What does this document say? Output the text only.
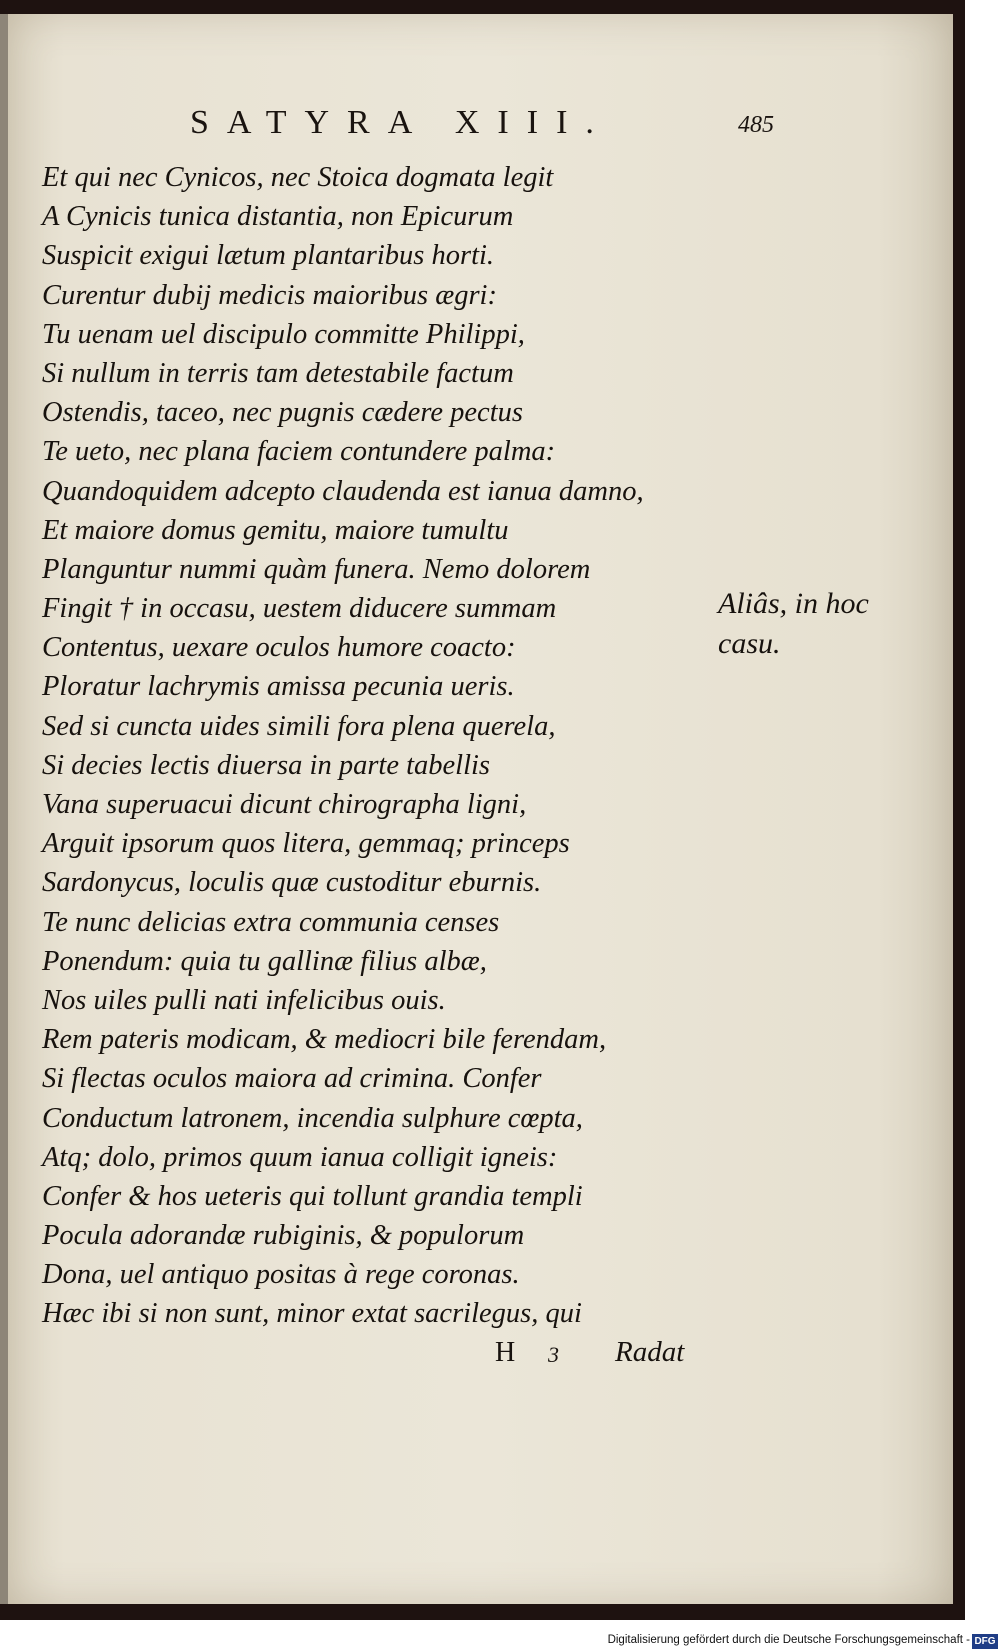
SATYRA XIII.	485
Et qui nec Cynicos, nec Stoica dogmata legit
A Cynicis tunica distantia, non Epicurum
Suspicit exigui lætum plantaribus horti.
Curentur dubij medicis maioribus ægri:
Tu uenam uel discipulo committe Philippi,
Si nullum in terris tam detestabile factum
Ostendis, taceo, nec pugnis cædere pectus
Te ueto, nec plana faciem contundere palma:
Quandoquidem adcepto claudenda est ianua damno,
Et maiore domus gemitu, maiore tumultu
Planguntur nummi quàm funera. Nemo dolorem
Fingit † in occasu, uestem diducere summam
Contentus, uexare oculos humore coacto:
Ploratur lachrymis amissa pecunia ueris.
Sed si cuncta uides simili fora plena querela,
Si decies lectis diuersa in parte tabellis
Vana superuacui dicunt chirographa ligni,
Arguit ipsorum quos litera, gemmaq; princeps
Sardonycus, loculis quæ custoditur eburnis.
Te nunc delicias extra communia censes
Ponendum: quia tu gallinæ filius albæ,
Nos uiles pulli nati infelicibus ouis.
Rem pateris modicam, & mediocri bile ferendam,
Si flectas oculos maiora ad crimina. Confer
Conductum latronem, incendia sulphure cœpta,
Atq; dolo, primos quum ianua colligit igneis:
Confer & hos ueteris qui tollunt grandia templi
Pocula adorandæ rubiginis, & populorum
Dona, uel antiquo positas à rege coronas.
Hæc ibi si non sunt, minor extat sacrilegus, qui
Aliâs, in hoc
casu.
H 3 Radat
Digitalisierung gefördert durch die Deutsche Forschungsgemeinschaft - DFG
